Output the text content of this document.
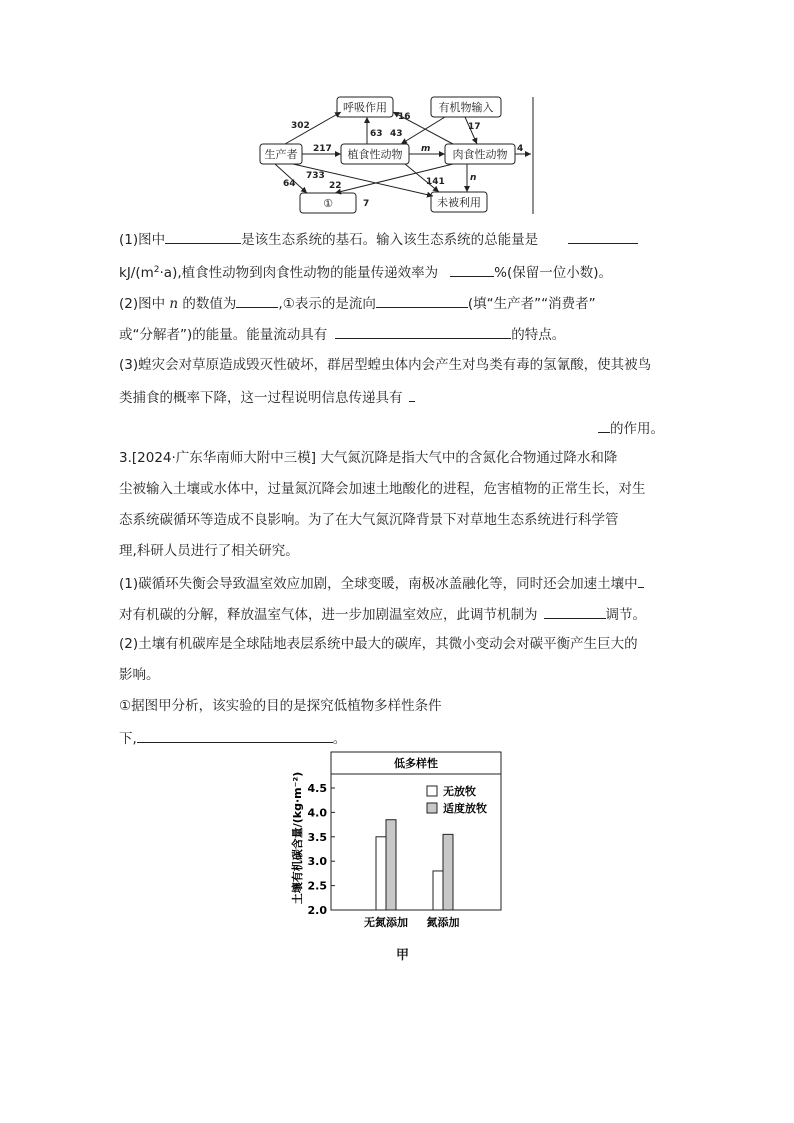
呼吸作用	有机物输入
生产者	植食性动物	肉食性动物
①	未被利用
302
217
64
733
63
16
43
17
m	4
141	n
22
7
(1)图中	是该生态系统的基石。输入该生态系统的总能量是
$kJ/(m^2\cdot a)$,植食性动物到肉食性动物的能量传递效率为	%(保留一位小数)。
(2)图中 n 的数值为	,①表示的是流向	(填“生产者”“消费者”
或“分解者”)的能量。能量流动具有	的特点。
(3)蝗灾会对草原造成毁灭性破坏，群居型蝗虫体内会产生对鸟类有毒的氢氰酸，使其被鸟
类捕食的概率下降，这一过程说明信息传递具有
的作用。
3.[2024·广东华南师大附中三模] 大气氮沉降是指大气中的含氮化合物通过降水和降
尘被输入土壤或水体中，过量氮沉降会加速土地酸化的进程，危害植物的正常生长，对生
态系统碳循环等造成不良影响。为了在大气氮沉降背景下对草地生态系统进行科学管
理,科研人员进行了相关研究。
(1)碳循环失衡会导致温室效应加剧，全球变暖，南极冰盖融化等，同时还会加速土壤中
对有机碳的分解，释放温室气体，进一步加剧温室效应，此调节机制为	调节。
(2)土壤有机碳库是全球陆地表层系统中最大的碳库，其微小变动会对碳平衡产生巨大的
影响。
①据图甲分析，该实验的目的是探究低植物多样性条件
下,	。
土壤有机碳含量/(kg·m⁻²)
低多样性
2.0
2.5
3.0
3.5
4.0
4.5
无氮添加 氮添加
无放牧
适度放牧
甲
